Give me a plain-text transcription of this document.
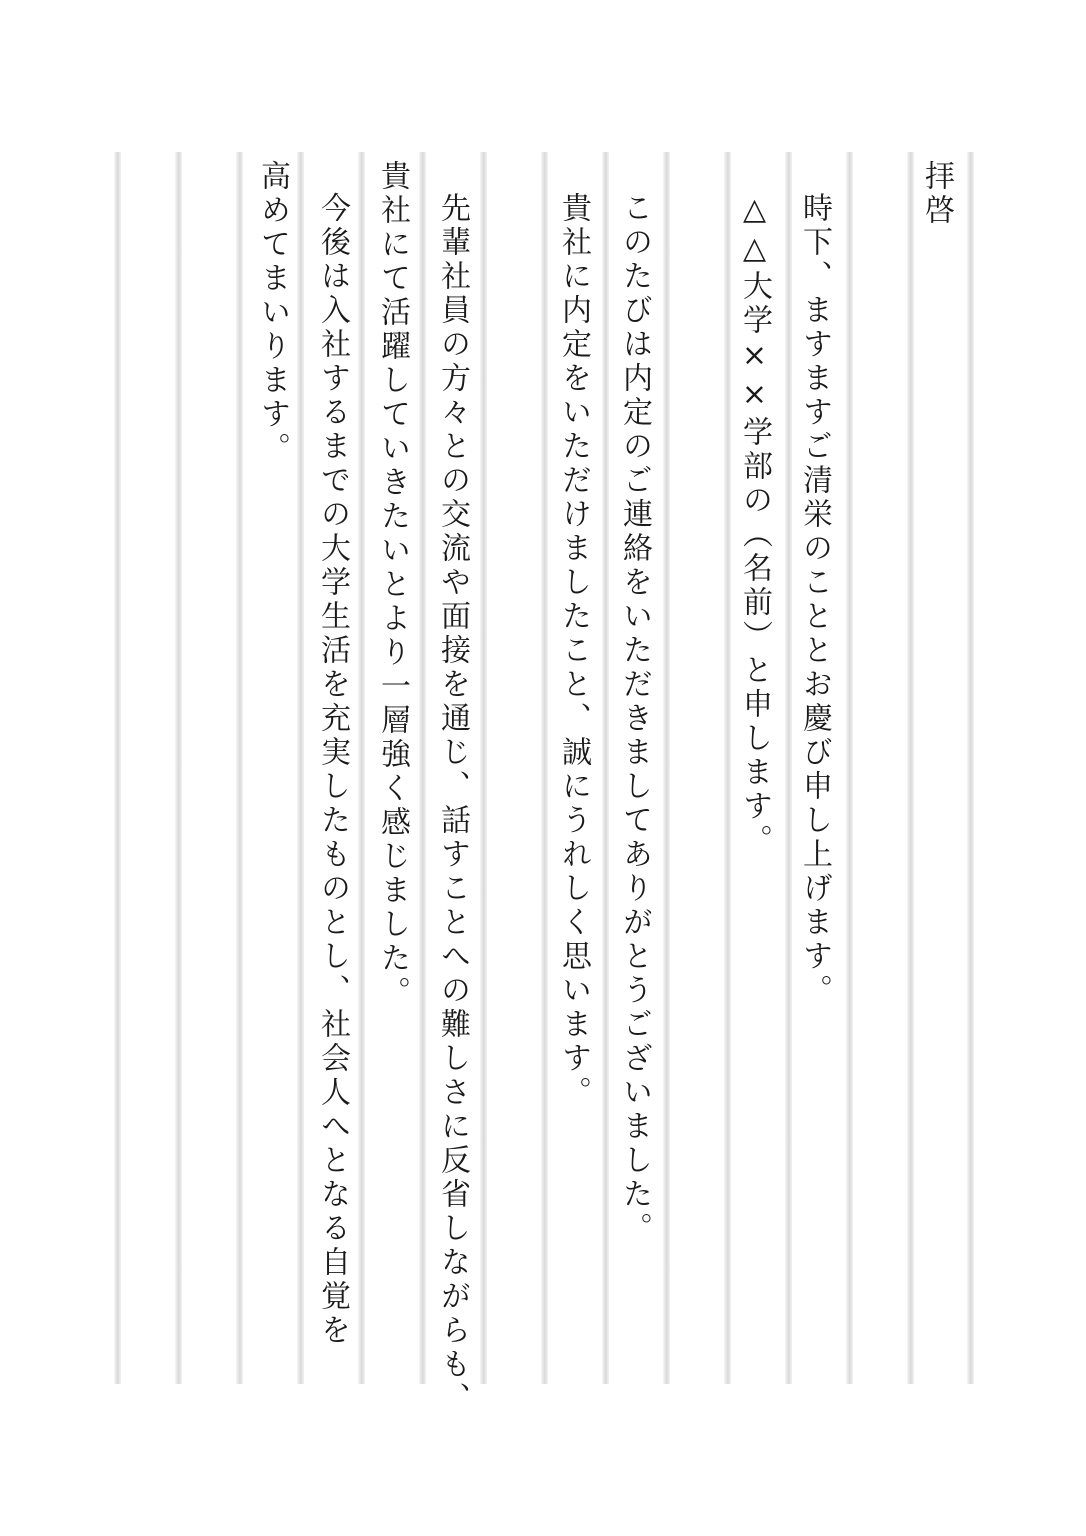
拝啓
時下、ますますご清栄のこととお慶び申し上げます。
△△大学××学部の（名前）と申します。
このたびは内定のご連絡をいただきましてありがとうございました。
貴社に内定をいただけましたこと、誠にうれしく思います。
先輩社員の方々との交流や面接を通じ、話すことへの難しさに反省しながらも、
貴社にて活躍していきたいとより一層強く感じました。
今後は入社するまでの大学生活を充実したものとし、社会人へとなる自覚を
高めてまいります。
